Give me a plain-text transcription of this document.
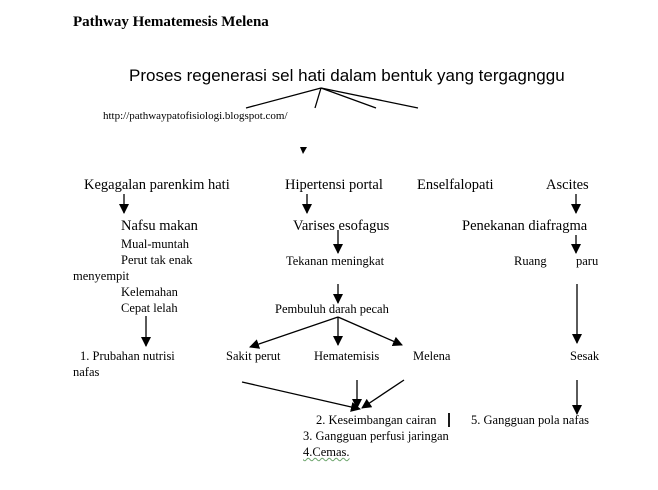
Pathway Hematemesis Melena
Proses regenerasi sel hati dalam bentuk yang tergagnggu
http://pathwaypatofisiologi.blogspot.com/
Kegagalan parenkim hati	Hipertensi portal Enselfalopati	Ascites
Nafsu makan
Mual-muntah
Perut tak enak
menyempit
Kelemahan
Cepat lelah
1. Prubahan nutrisi
nafas
Varises esofagus
Tekanan meningkat
Pembuluh darah pecah
Sakit perut	Hematemisis	Melena
Penekanan diafragma
Ruang paru
Sesak
2. Keseimbangan cairan
3. Gangguan perfusi jaringan
4.Cemas.
5. Gangguan pola nafas
